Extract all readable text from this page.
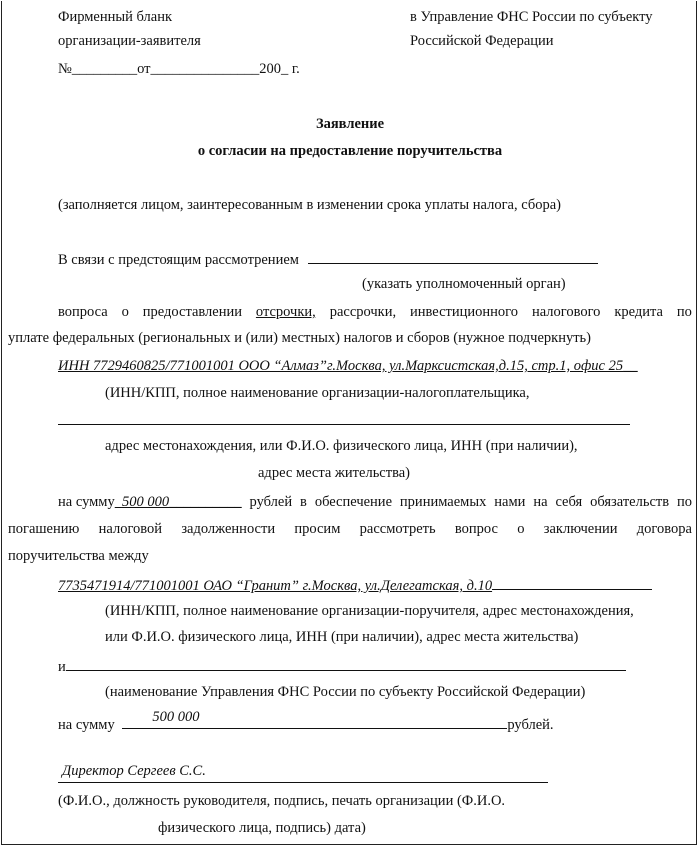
Фирменный бланк
организации-заявителя
№_________от_______________200_ г.
в Управление ФНС России по субъекту
Российской Федерации
Заявление
о согласии на предоставление поручительства
(заполняется лицом, заинтересованным в изменении срока уплаты налога, сбора)
В связи с предстоящим рассмотрением
(указать уполномоченный орган)
вопроса о предоставлении отсрочки, рассрочки, инвестиционного налогового кредита по
уплате федеральных (региональных и (или) местных) налогов и сборов (нужное подчеркнуть)
ИНН 7729460825/771001001 ООО “Алмаз”г.Москва, ул.Марксистская,д.15, стр.1, офис 25__
(ИНН/КПП, полное наименование организации-налогоплательщика,
адрес местонахождения, или Ф.И.О. физического лица, ИНН (при наличии),
адрес места жительства)
на сумму 500 000__________ рублей в обеспечение принимаемых нами на себя обязательств по
погашению налоговой задолженности просим рассмотреть вопрос о заключении договора
поручительства между
7735471914/771001001 ОАО “Гранит” г.Москва, ул.Делегатская, д.10
(ИНН/КПП, полное наименование организации-поручителя, адрес местонахождения,
или Ф.И.О. физического лица, ИНН (при наличии), адрес места жительства)
и
(наименование Управления ФНС России по субъекту Российской Федерации)
на сумму	500 000	рублей.
Директор Сергеев С.С.
(Ф.И.О., должность руководителя, подпись, печать организации (Ф.И.О.
физического лица, подпись) дата)
